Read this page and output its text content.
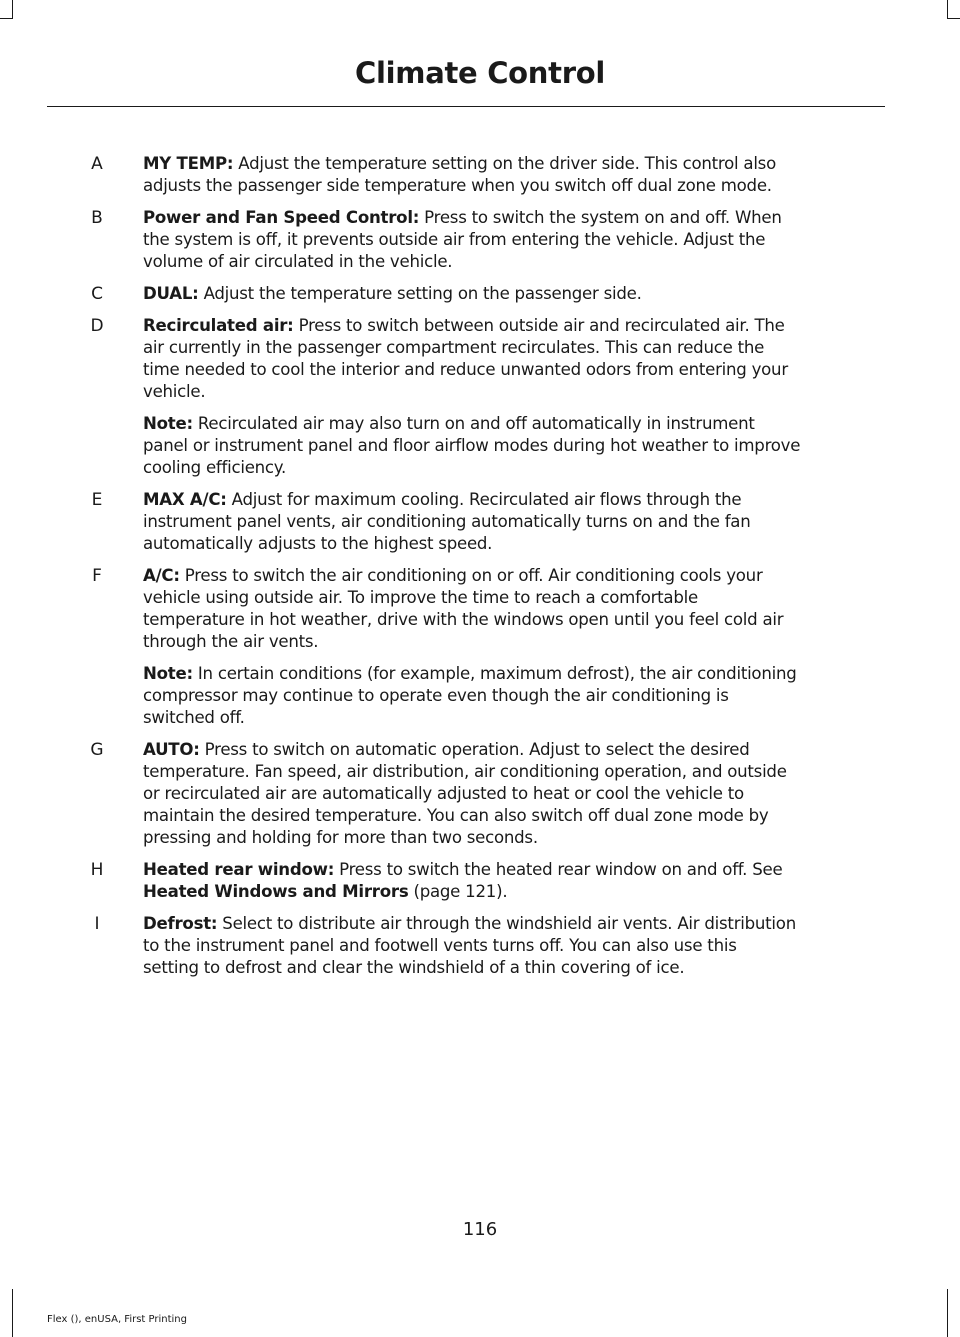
Climate Control
A MY TEMP: Adjust the temperature setting on the driver side. This control also
adjusts the passenger side temperature when you switch off dual zone mode.
B Power and Fan Speed Control: Press to switch the system on and off. When
the system is off, it prevents outside air from entering the vehicle. Adjust the
volume of air circulated in the vehicle.
C DUAL: Adjust the temperature setting on the passenger side.
D Recirculated air: Press to switch between outside air and recirculated air. The
air currently in the passenger compartment recirculates. This can reduce the
time needed to cool the interior and reduce unwanted odors from entering your
vehicle.
Note: Recirculated air may also turn on and off automatically in instrument
panel or instrument panel and floor airflow modes during hot weather to improve
cooling efficiency.
E MAX A/C: Adjust for maximum cooling. Recirculated air flows through the
instrument panel vents, air conditioning automatically turns on and the fan
automatically adjusts to the highest speed.
F A/C: Press to switch the air conditioning on or off. Air conditioning cools your
vehicle using outside air. To improve the time to reach a comfortable
temperature in hot weather, drive with the windows open until you feel cold air
through the air vents.
Note: In certain conditions (for example, maximum defrost), the air conditioning
compressor may continue to operate even though the air conditioning is
switched off.
G AUTO: Press to switch on automatic operation. Adjust to select the desired
temperature. Fan speed, air distribution, air conditioning operation, and outside
or recirculated air are automatically adjusted to heat or cool the vehicle to
maintain the desired temperature. You can also switch off dual zone mode by
pressing and holding for more than two seconds.
H Heated rear window: Press to switch the heated rear window on and off. See
Heated Windows and Mirrors (page 121).
I	Defrost: Select to distribute air through the windshield air vents. Air distribution
to the instrument panel and footwell vents turns off. You can also use this
setting to defrost and clear the windshield of a thin covering of ice.
116
Flex (), enUSA, First Printing
